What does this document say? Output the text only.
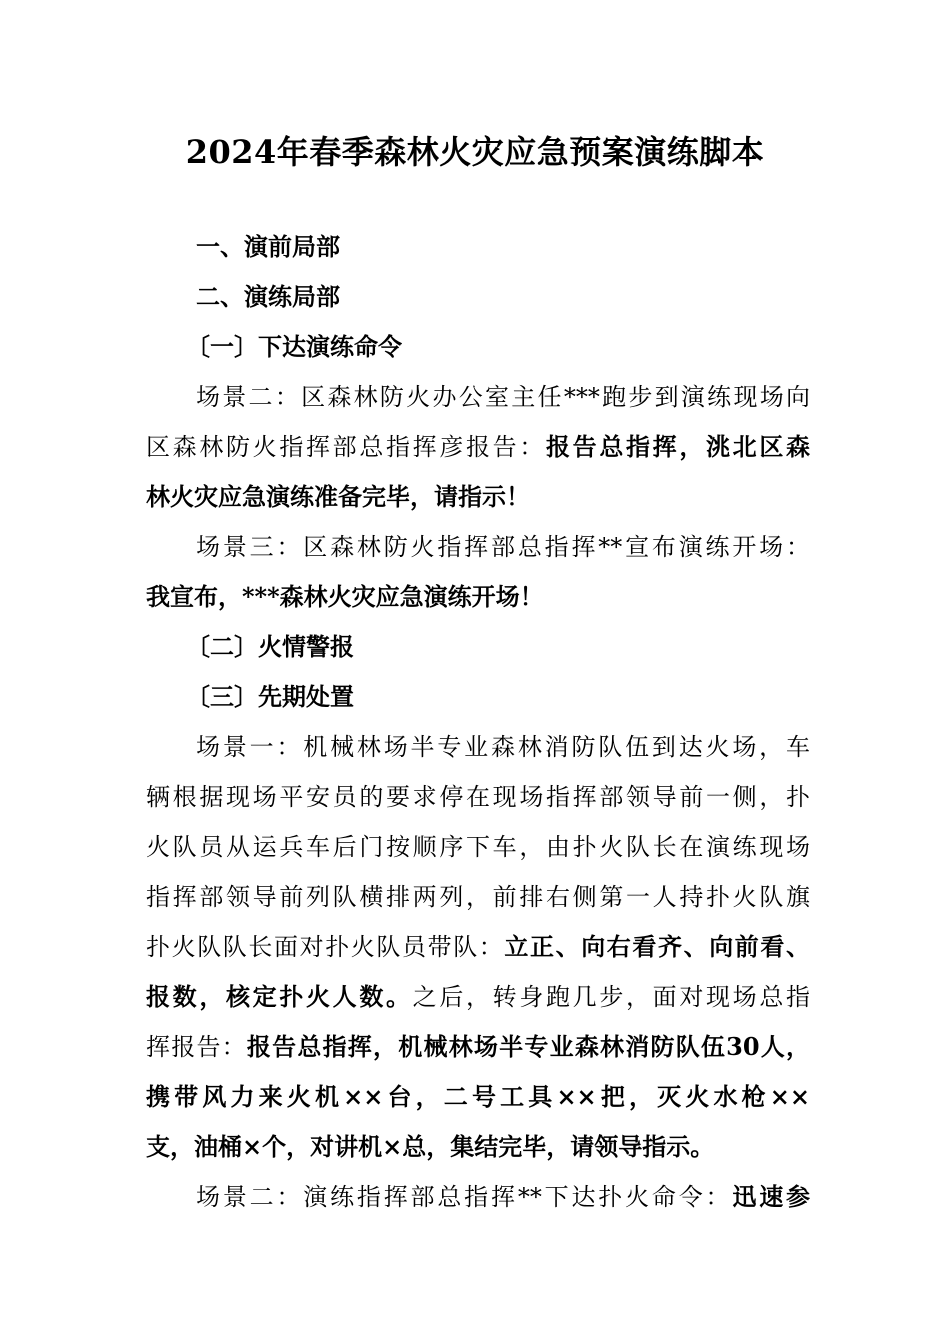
2024年春季森林火灾应急预案演练脚本
一、演前局部
二、演练局部
〔一〕下达演练命令
场景二：区森林防火办公室主任***跑步到演练现场向
区森林防火指挥部总指挥彦报告：报告总指挥，洮北区森
林火灾应急演练准备完毕，请指示！
场景三：区森林防火指挥部总指挥**宣布演练开场：
我宣布，***森林火灾应急演练开场！
〔二〕火情警报
〔三〕先期处置
场景一：机械林场半专业森林消防队伍到达火场，车
辆根据现场平安员的要求停在现场指挥部领导前一侧，扑
火队员从运兵车后门按顺序下车，由扑火队长在演练现场
指挥部领导前列队横排两列，前排右侧第一人持扑火队旗
扑火队队长面对扑火队员带队：立正、向右看齐、向前看、
报数，核定扑火人数。之后，转身跑几步，面对现场总指
挥报告：报告总指挥，机械林场半专业森林消防队伍30人，
携带风力来火机××台，二号工具××把，灭火水枪××
支，油桶×个，对讲机×总，集结完毕，请领导指示。
场景二：演练指挥部总指挥**下达扑火命令：迅速参
